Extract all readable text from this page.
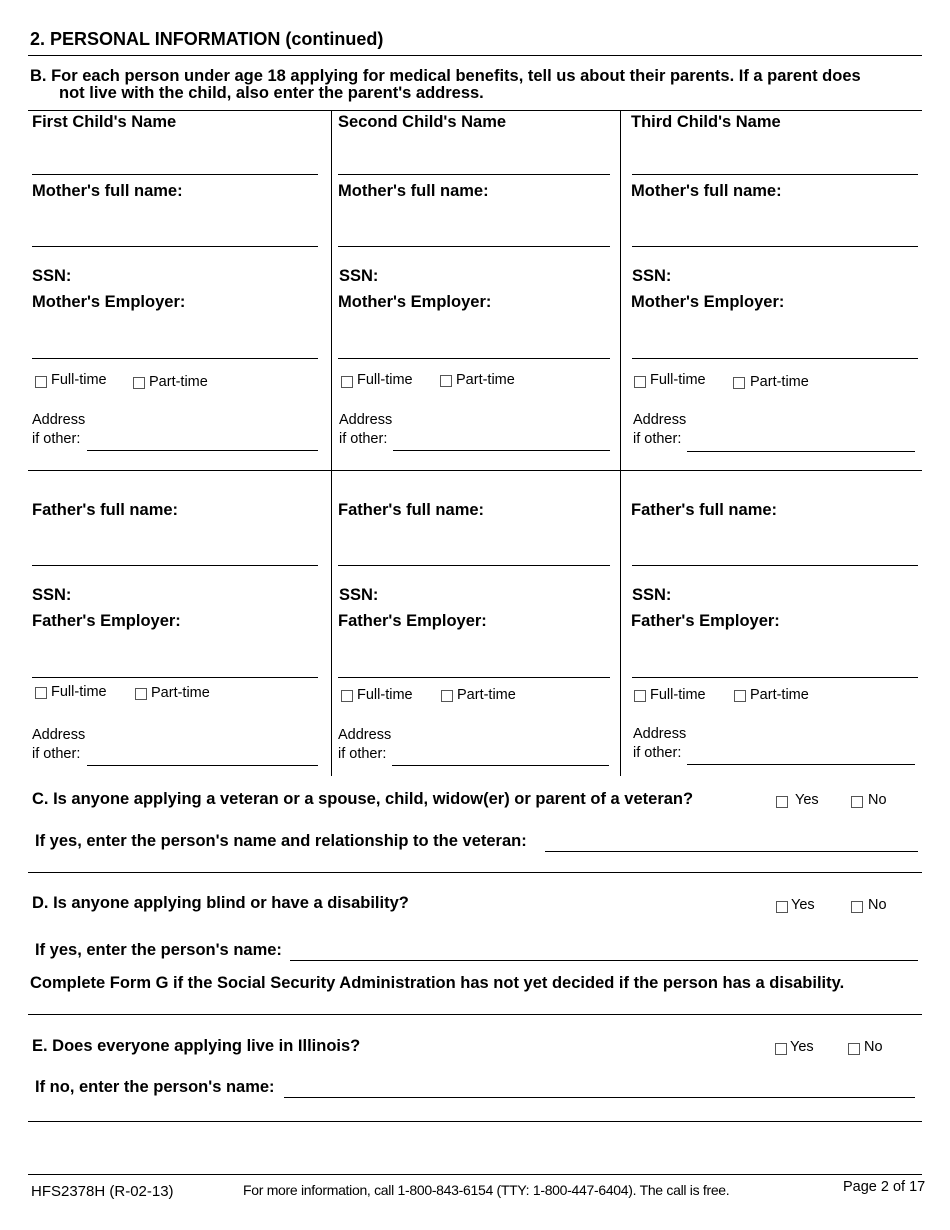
2. PERSONAL INFORMATION (continued)
B. For each person under age 18 applying for medical benefits, tell us about their parents. If a parent does
not live with the child, also enter the parent's address.
First Child's Name
Mother's full name:
SSN:
Mother's Employer:
Full-time	Part-time
Address
if other:
Father's full name:
SSN:
Father's Employer:
Full-time	Part-time
Address
if other:
Second Child's Name
Mother's full name:
SSN:
Mother's Employer:
Full-time	Part-time
Address
if other:
Father's full name:
SSN:
Father's Employer:
Full-time	Part-time
Address
if other:
Third Child's Name
Mother's full name:
SSN:
Mother's Employer:
Full-time	Part-time
Address
if other:
Father's full name:
SSN:
Father's Employer:
Full-time	Part-time
Address
if other:
C. Is anyone applying a veteran or a spouse, child, widow(er) or parent of a veteran?	Yes	No
If yes, enter the person's name and relationship to the veteran:
D. Is anyone applying blind or have a disability?	Yes	No
If yes, enter the person's name:
Complete Form G if the Social Security Administration has not yet decided if the person has a disability.
E. Does everyone applying live in Illinois?	Yes	No
If no, enter the person's name:
HFS2378H (R-02-13)	For more information, call 1-800-843-6154 (TTY: 1-800-447-6404). The call is free.	Page 2 of 17
